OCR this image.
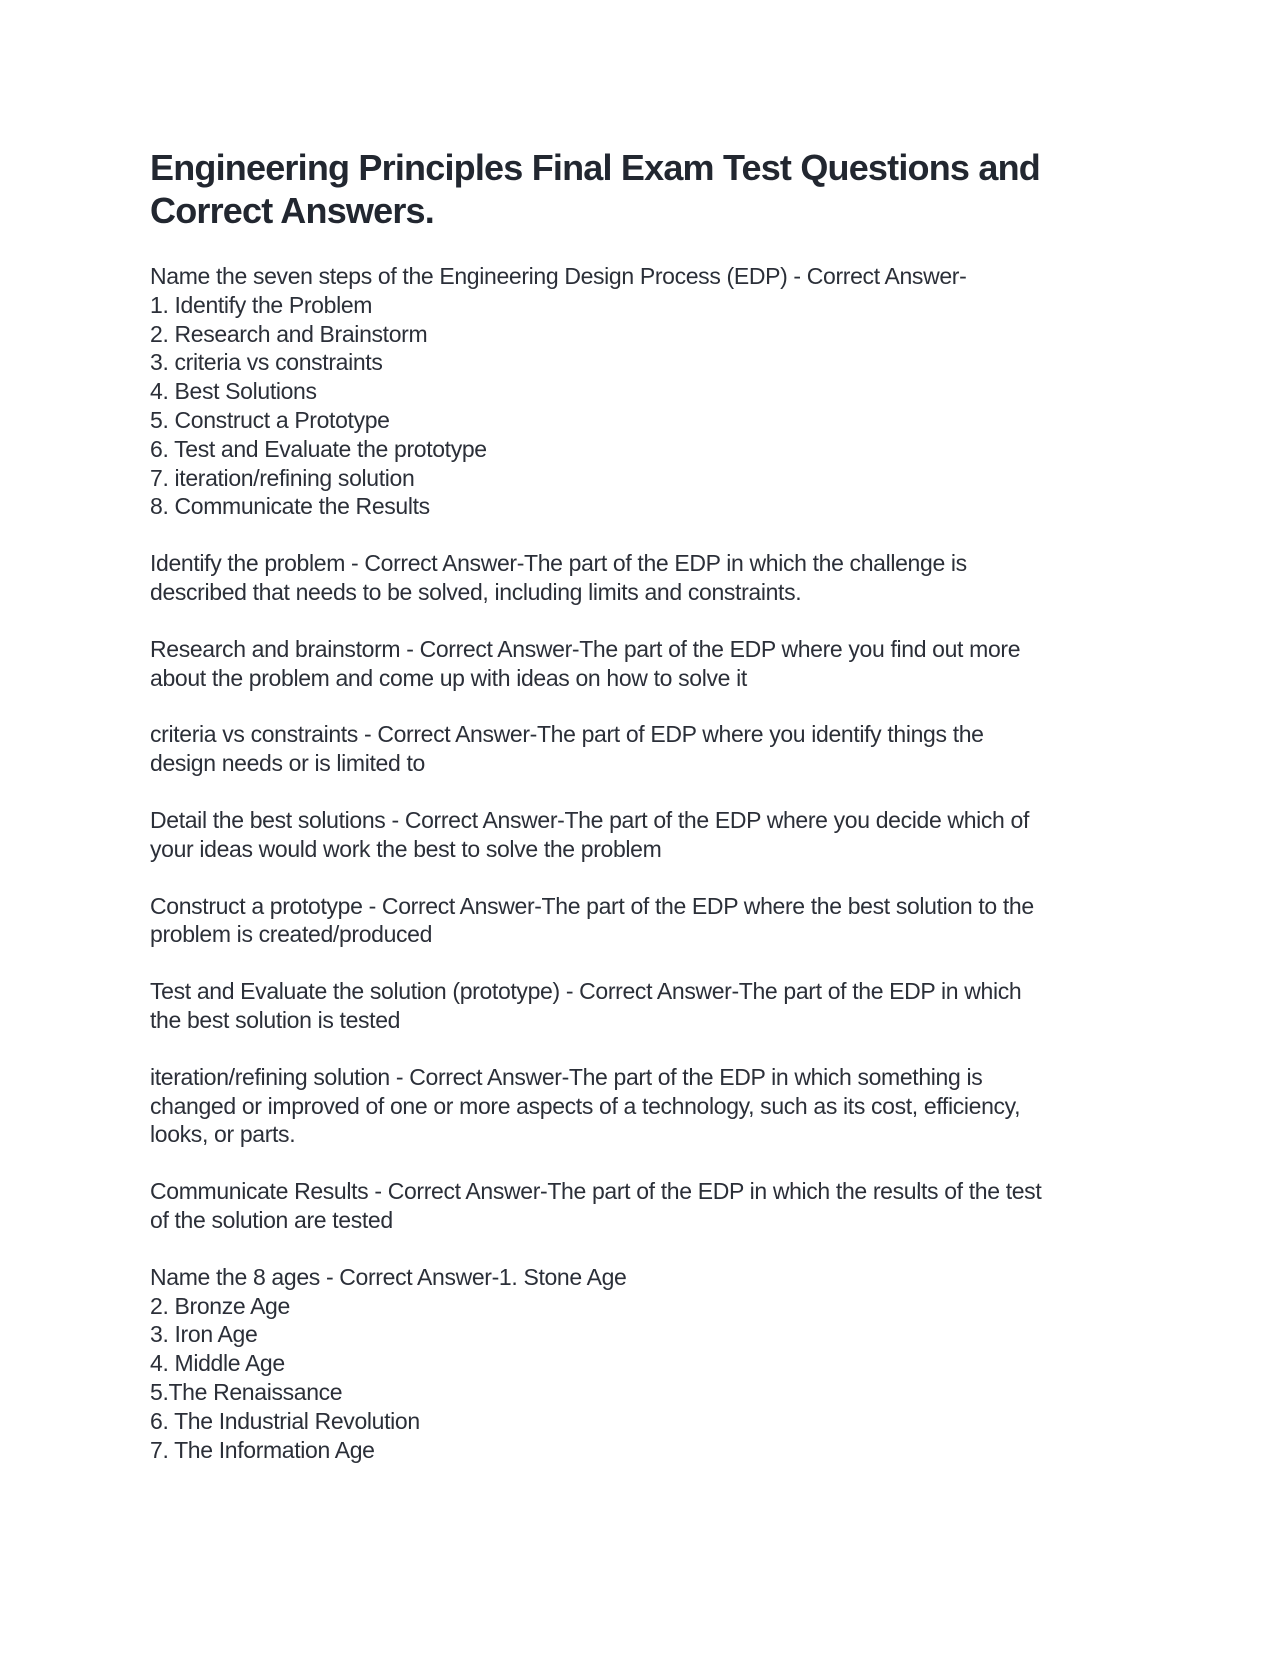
Engineering Principles Final Exam Test Questions and
Correct Answers.
Name the seven steps of the Engineering Design Process (EDP) - Correct Answer-
1. Identify the Problem
2. Research and Brainstorm
3. criteria vs constraints
4. Best Solutions
5. Construct a Prototype
6. Test and Evaluate the prototype
7. iteration/refining solution
8. Communicate the Results
Identify the problem - Correct Answer-The part of the EDP in which the challenge is
described that needs to be solved, including limits and constraints.
Research and brainstorm - Correct Answer-The part of the EDP where you find out more
about the problem and come up with ideas on how to solve it
criteria vs constraints - Correct Answer-The part of EDP where you identify things the
design needs or is limited to
Detail the best solutions - Correct Answer-The part of the EDP where you decide which of
your ideas would work the best to solve the problem
Construct a prototype - Correct Answer-The part of the EDP where the best solution to the
problem is created/produced
Test and Evaluate the solution (prototype) - Correct Answer-The part of the EDP in which
the best solution is tested
iteration/refining solution - Correct Answer-The part of the EDP in which something is
changed or improved of one or more aspects of a technology, such as its cost, efficiency,
looks, or parts.
Communicate Results - Correct Answer-The part of the EDP in which the results of the test
of the solution are tested
Name the 8 ages - Correct Answer-1. Stone Age
2. Bronze Age
3. Iron Age
4. Middle Age
5.The Renaissance
6. The Industrial Revolution
7. The Information Age
